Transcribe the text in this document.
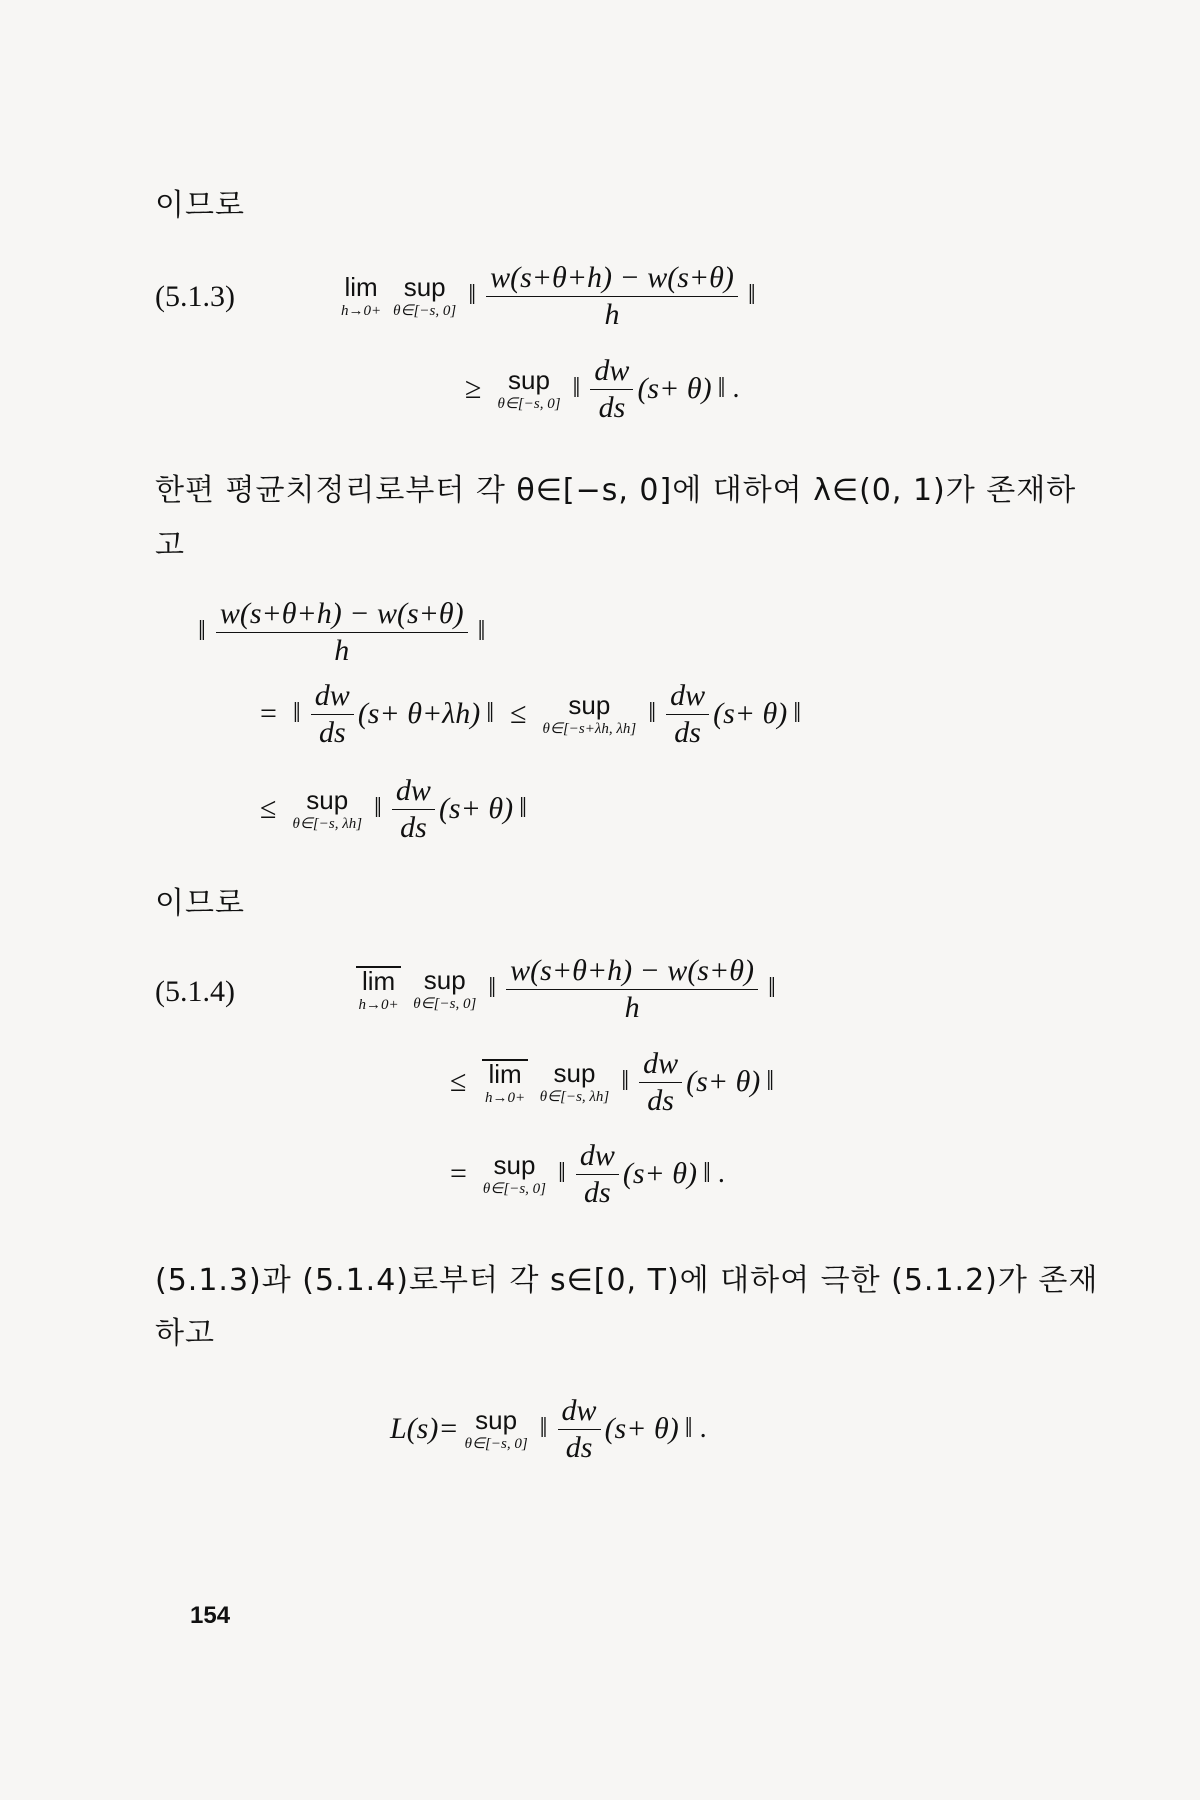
이므로
(5.1.3)	lim
h→0+
sup
θ∈[−s, 0] ‖ $\frac{w(s+\theta+h) - w(s+\theta)}{h}$ ‖
≥ sup
θ∈[−s, 0] ‖ $\frac{dw}{ds} (s+ \theta)$ ‖ .
한편 평균치정리로부터 각 θ∈[−s, 0]에 대하여 λ∈(0, 1)가 존재하
고
‖ $\frac{w(s+\theta+h) - w(s+\theta)}{h}$ ‖
= ‖ $\frac{dw}{ds} (s+ \theta+\lambda h)$ ‖ ≤ sup
θ∈[−s+λh, λh] ‖ $\frac{dw}{ds} (s+ \theta)$ ‖
≤ sup
θ∈[−s, λh] ‖ $\frac{dw}{ds} (s+ \theta)$ ‖
이므로
(5.1.4)	lim
h→0+
sup
θ∈[−s, 0] ‖ $\frac{w(s+\theta+h) - w(s+\theta)}{h}$ ‖
≤ lim
h→0+
sup
θ∈[−s, λh] ‖ $\frac{dw}{ds} (s+ \theta)$ ‖
= sup
θ∈[−s, 0] ‖ $\frac{dw}{ds} (s+ \theta)$ ‖ .
(5.1.3)과 (5.1.4)로부터 각 s∈[0, T)에 대하여 극한 (5.1.2)가 존재
하고
L(s)= sup
θ∈[−s, 0] ‖ $\frac{dw}{ds} (s+ \theta)$ ‖ .
154
